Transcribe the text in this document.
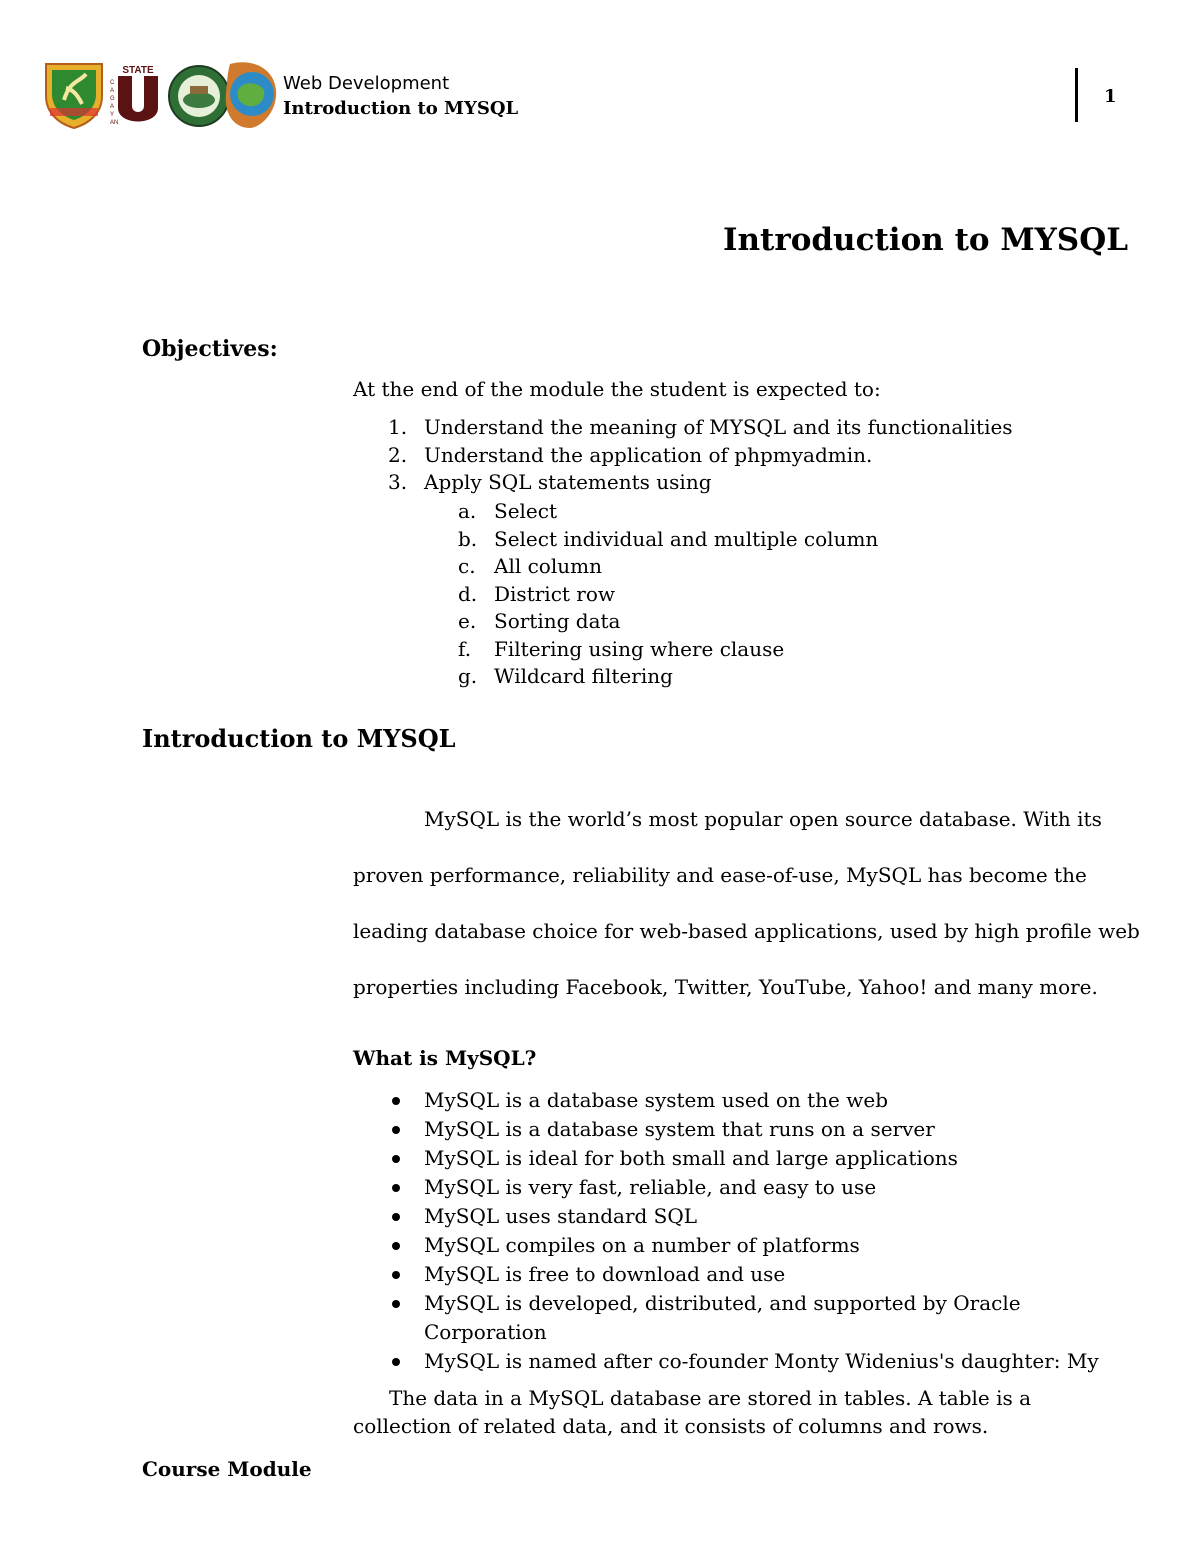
STATE
C
A
G
A
Y
AN
Web Development
Introduction to MYSQL
1
Introduction to MYSQL
Objectives:
At the end of the module the student is expected to:
1. Understand the meaning of MYSQL and its functionalities
2. Understand the application of phpmyadmin.
3. Apply SQL statements using
a. Select
b. Select individual and multiple column
c. All column
d. District row
e. Sorting data
f. Filtering using where clause
g. Wildcard filtering
Introduction to MYSQL
MySQL is the world’s most popular open source database. With its
proven performance, reliability and ease-of-use, MySQL has become the
leading database choice for web-based applications, used by high profile web
properties including Facebook, Twitter, YouTube, Yahoo! and many more.
What is MySQL?
MySQL is a database system used on the web
MySQL is a database system that runs on a server
MySQL is ideal for both small and large applications
MySQL is very fast, reliable, and easy to use
MySQL uses standard SQL
MySQL compiles on a number of platforms
MySQL is free to download and use
MySQL is developed, distributed, and supported by Oracle Corporation
MySQL is named after co-founder Monty Widenius's daughter: My
The data in a MySQL database are stored in tables. A table is a collection of related data, and it consists of columns and rows.
Course Module
